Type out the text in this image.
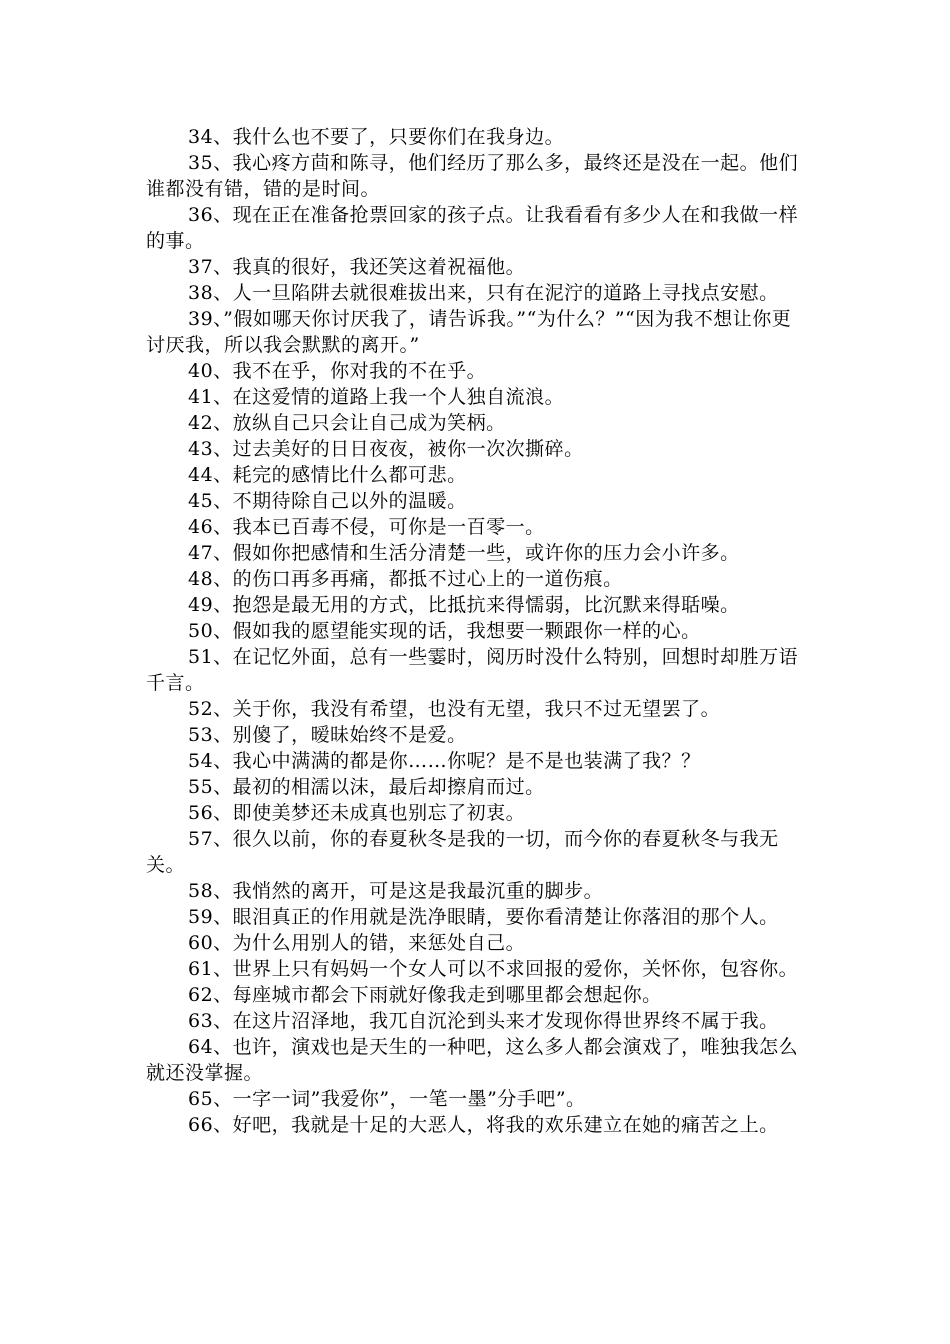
34、我什么也不要了，只要你们在我身边。

35、我心疼方茴和陈寻，他们经历了那么多，最终还是没在一起。他们谁都没有错，错的是时间。

36、现在正在准备抢票回家的孩子点。让我看看有多少人在和我做一样的事。

37、我真的很好，我还笑这着祝福他。

38、人一旦陷阱去就很难拔出来，只有在泥泞的道路上寻找点安慰。

39、”假如哪天你讨厌我了，请告诉我。”“为什么？”“因为我不想让你更讨厌我，所以我会默默的离开。”

40、我不在乎，你对我的不在乎。

41、在这爱情的道路上我一个人独自流浪。

42、放纵自己只会让自己成为笑柄。

43、过去美好的日日夜夜，被你一次次撕碎。

44、耗完的感情比什么都可悲。

45、不期待除自己以外的温暖。

46、我本已百毒不侵，可你是一百零一。

47、假如你把感情和生活分清楚一些，或许你的压力会小许多。

48、的伤口再多再痛，都抵不过心上的一道伤痕。

49、抱怨是最无用的方式，比抵抗来得懦弱，比沉默来得聒噪。

50、假如我的愿望能实现的话，我想要一颗跟你一样的心。

51、在记忆外面，总有一些霎时，阅历时没什么特别，回想时却胜万语千言。

52、关于你，我没有希望，也没有无望，我只不过无望罢了。

53、别傻了，暧昧始终不是爱。

54、我心中满满的都是你……你呢？是不是也装满了我？？

55、最初的相濡以沫，最后却擦肩而过。

56、即使美梦还未成真也别忘了初衷。

57、很久以前，你的春夏秋冬是我的一切，而今你的春夏秋冬与我无关。

58、我悄然的离开，可是这是我最沉重的脚步。

59、眼泪真正的作用就是洗净眼睛，要你看清楚让你落泪的那个人。

60、为什么用别人的错，来惩处自己。

61、世界上只有妈妈一个女人可以不求回报的爱你，关怀你，包容你。

62、每座城市都会下雨就好像我走到哪里都会想起你。

63、在这片沼泽地，我兀自沉沦到头来才发现你得世界终不属于我。

64、也许，演戏也是天生的一种吧，这么多人都会演戏了，唯独我怎么就还没掌握。

65、一字一词”我爱你”，一笔一墨”分手吧”。

66、好吧，我就是十足的大恶人，将我的欢乐建立在她的痛苦之上。
